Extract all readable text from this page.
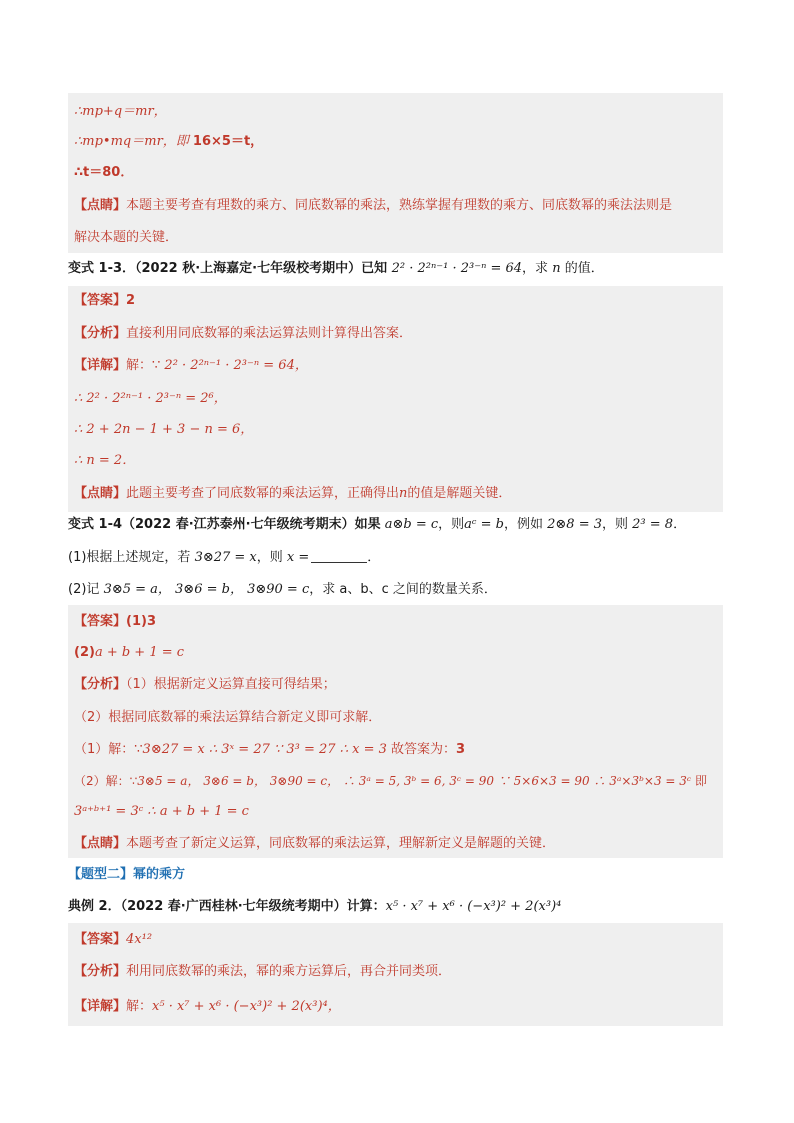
∴mp+q＝mr，
∴mp•mq＝mr，即 16×5＝t，
∴t＝80．
【点睛】本题主要考查有理数的乘方、同底数幂的乘法，熟练掌握有理数的乘方、同底数幂的乘法法则是
解决本题的关键．
变式 1-3．（2022 秋·上海嘉定·七年级校考期中）已知 2² · 2²ⁿ⁻¹ · 2³⁻ⁿ = 64，求 n 的值．
【答案】2
【分析】直接利用同底数幂的乘法运算法则计算得出答案．
【详解】解：∵ 2² · 2²ⁿ⁻¹ · 2³⁻ⁿ = 64，
∴ 2² · 2²ⁿ⁻¹ · 2³⁻ⁿ = 2⁶，
∴ 2 + 2n − 1 + 3 − n = 6，
∴ n = 2．
【点睛】此题主要考查了同底数幂的乘法运算，正确得出n的值是解题关键．
变式 1-4（2022 春·江苏泰州·七年级统考期末）如果 a⊗b = c，则aᶜ = b，例如 2⊗8 = 3，则 2³ = 8．
(1)根据上述规定，若 3⊗27 = x，则 x =	．
(2)记 3⊗5 = a， 3⊗6 = b， 3⊗90 = c，求 a、b、c 之间的数量关系．
【答案】(1)3
(2)a + b + 1 = c
【分析】（1）根据新定义运算直接可得结果；
（2）根据同底数幂的乘法运算结合新定义即可求解．
（1）解：∵3⊗27 = x ∴ 3ˣ = 27 ∵ 3³ = 27 ∴ x = 3 故答案为：3
（2）解：∵3⊗5 = a， 3⊗6 = b， 3⊗90 = c， ∴ 3ᵃ = 5, 3ᵇ = 6, 3ᶜ = 90 ∵ 5×6×3 = 90 ∴ 3ᵃ×3ᵇ×3 = 3ᶜ 即
3ᵃ⁺ᵇ⁺¹ = 3ᶜ ∴ a + b + 1 = c
【点睛】本题考查了新定义运算，同底数幂的乘法运算，理解新定义是解题的关键．
【题型二】幂的乘方
典例 2．（2022 春·广西桂林·七年级统考期中）计算：x⁵ · x⁷ + x⁶ · (−x³)² + 2(x³)⁴
【答案】4x¹²
【分析】利用同底数幂的乘法，幂的乘方运算后，再合并同类项．
【详解】解：x⁵ · x⁷ + x⁶ · (−x³)² + 2(x³)⁴，
